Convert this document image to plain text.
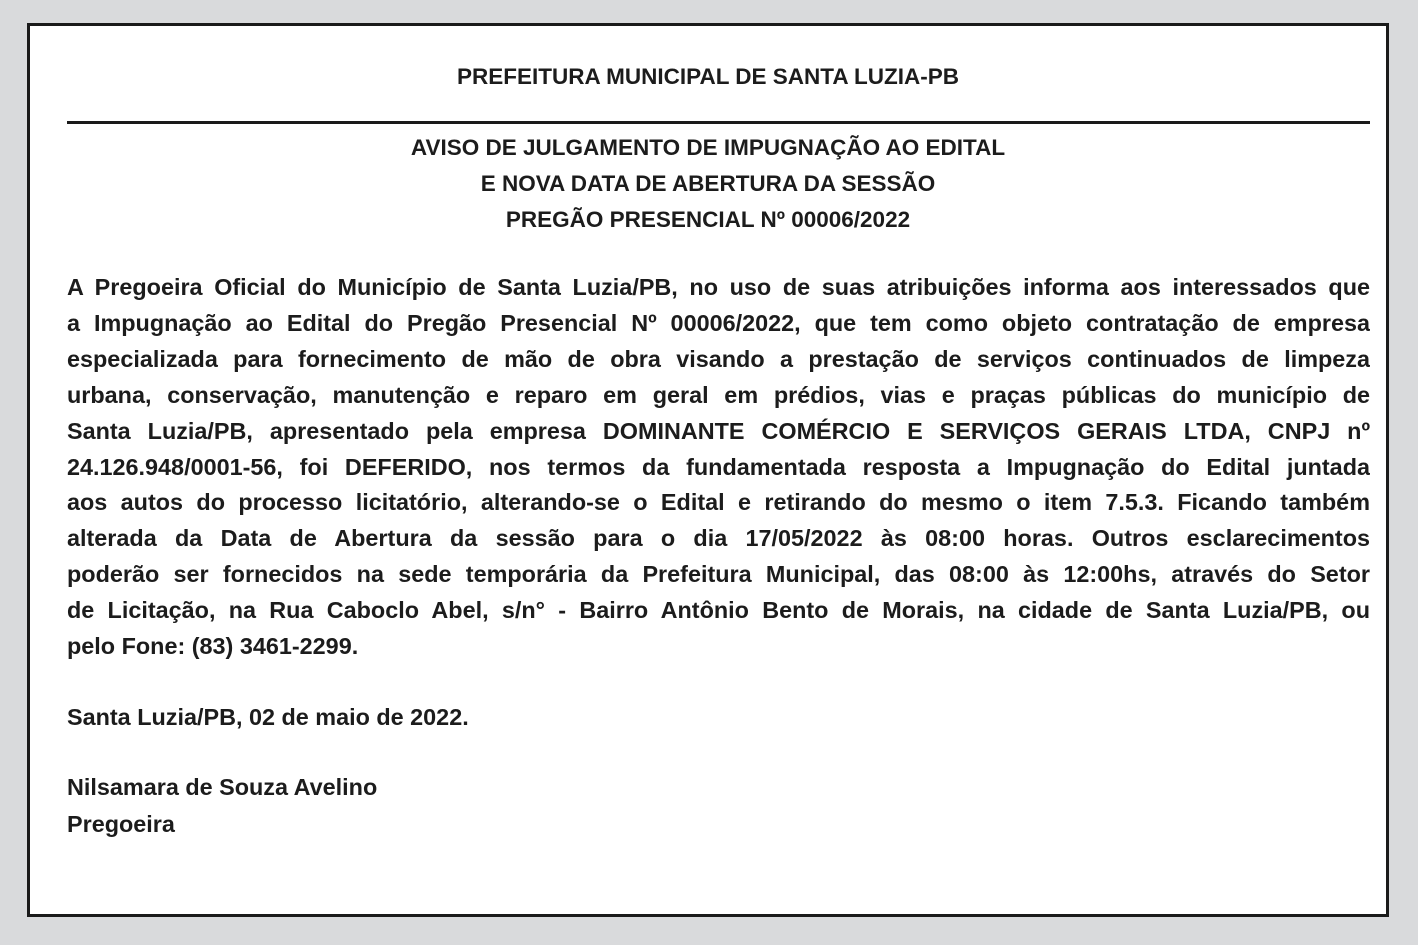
PREFEITURA MUNICIPAL DE SANTA LUZIA-PB
AVISO DE JULGAMENTO DE IMPUGNAÇÃO AO EDITAL
E NOVA DATA DE ABERTURA DA SESSÃO
PREGÃO PRESENCIAL Nº 00006/2022
A Pregoeira Oficial do Município de Santa Luzia/PB, no uso de suas atribuições informa aos interessados que
a Impugnação ao Edital do Pregão Presencial Nº 00006/2022, que tem como objeto contratação de empresa
especializada para fornecimento de mão de obra visando a prestação de serviços continuados de limpeza
urbana, conservação, manutenção e reparo em geral em prédios, vias e praças públicas do município de
Santa Luzia/PB, apresentado pela empresa DOMINANTE COMÉRCIO E SERVIÇOS GERAIS LTDA, CNPJ nº
24.126.948/0001-56, foi DEFERIDO, nos termos da fundamentada resposta a Impugnação do Edital juntada
aos autos do processo licitatório, alterando-se o Edital e retirando do mesmo o item 7.5.3. Ficando também
alterada da Data de Abertura da sessão para o dia 17/05/2022 às 08:00 horas. Outros esclarecimentos
poderão ser fornecidos na sede temporária da Prefeitura Municipal, das 08:00 às 12:00hs, através do Setor
de Licitação, na Rua Caboclo Abel, s/n° - Bairro Antônio Bento de Morais, na cidade de Santa Luzia/PB, ou
pelo Fone: (83) 3461-2299.
Santa Luzia/PB, 02 de maio de 2022.
Nilsamara de Souza Avelino
Pregoeira
